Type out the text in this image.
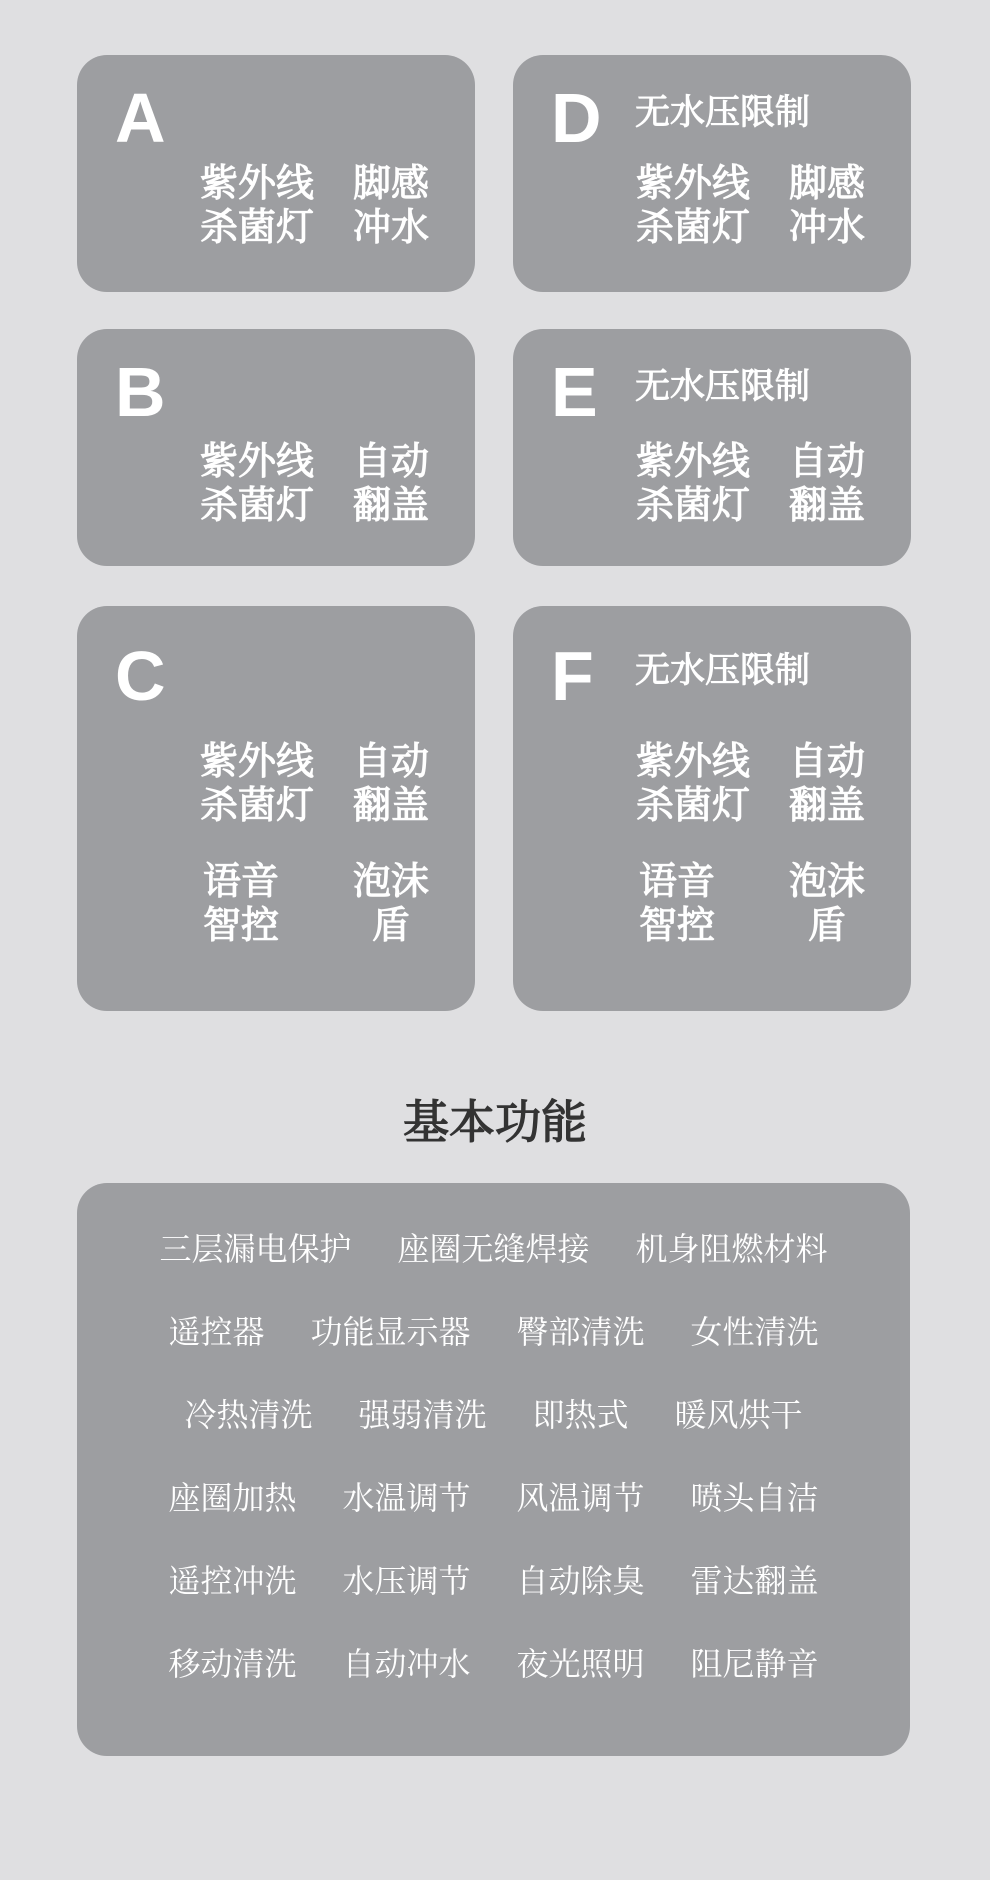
A
紫外线
杀菌灯
脚感
冲水
D 无水压限制
紫外线
杀菌灯
脚感
冲水
B
紫外线
杀菌灯
自动
翻盖
E 无水压限制
紫外线
杀菌灯
自动
翻盖
C
紫外线
杀菌灯
自动
翻盖
语音
智控
泡沫
盾
F 无水压限制
紫外线
杀菌灯
自动
翻盖
语音
智控
泡沫
盾
基本功能
三层漏电保护 座圈无缝焊接 机身阻燃材料
遥控器 功能显示器 臀部清洗 女性清洗
冷热清洗 强弱清洗 即热式 暖风烘干
座圈加热 水温调节 风温调节 喷头自洁
遥控冲洗 水压调节 自动除臭 雷达翻盖
移动清洗 自动冲水 夜光照明 阻尼静音
